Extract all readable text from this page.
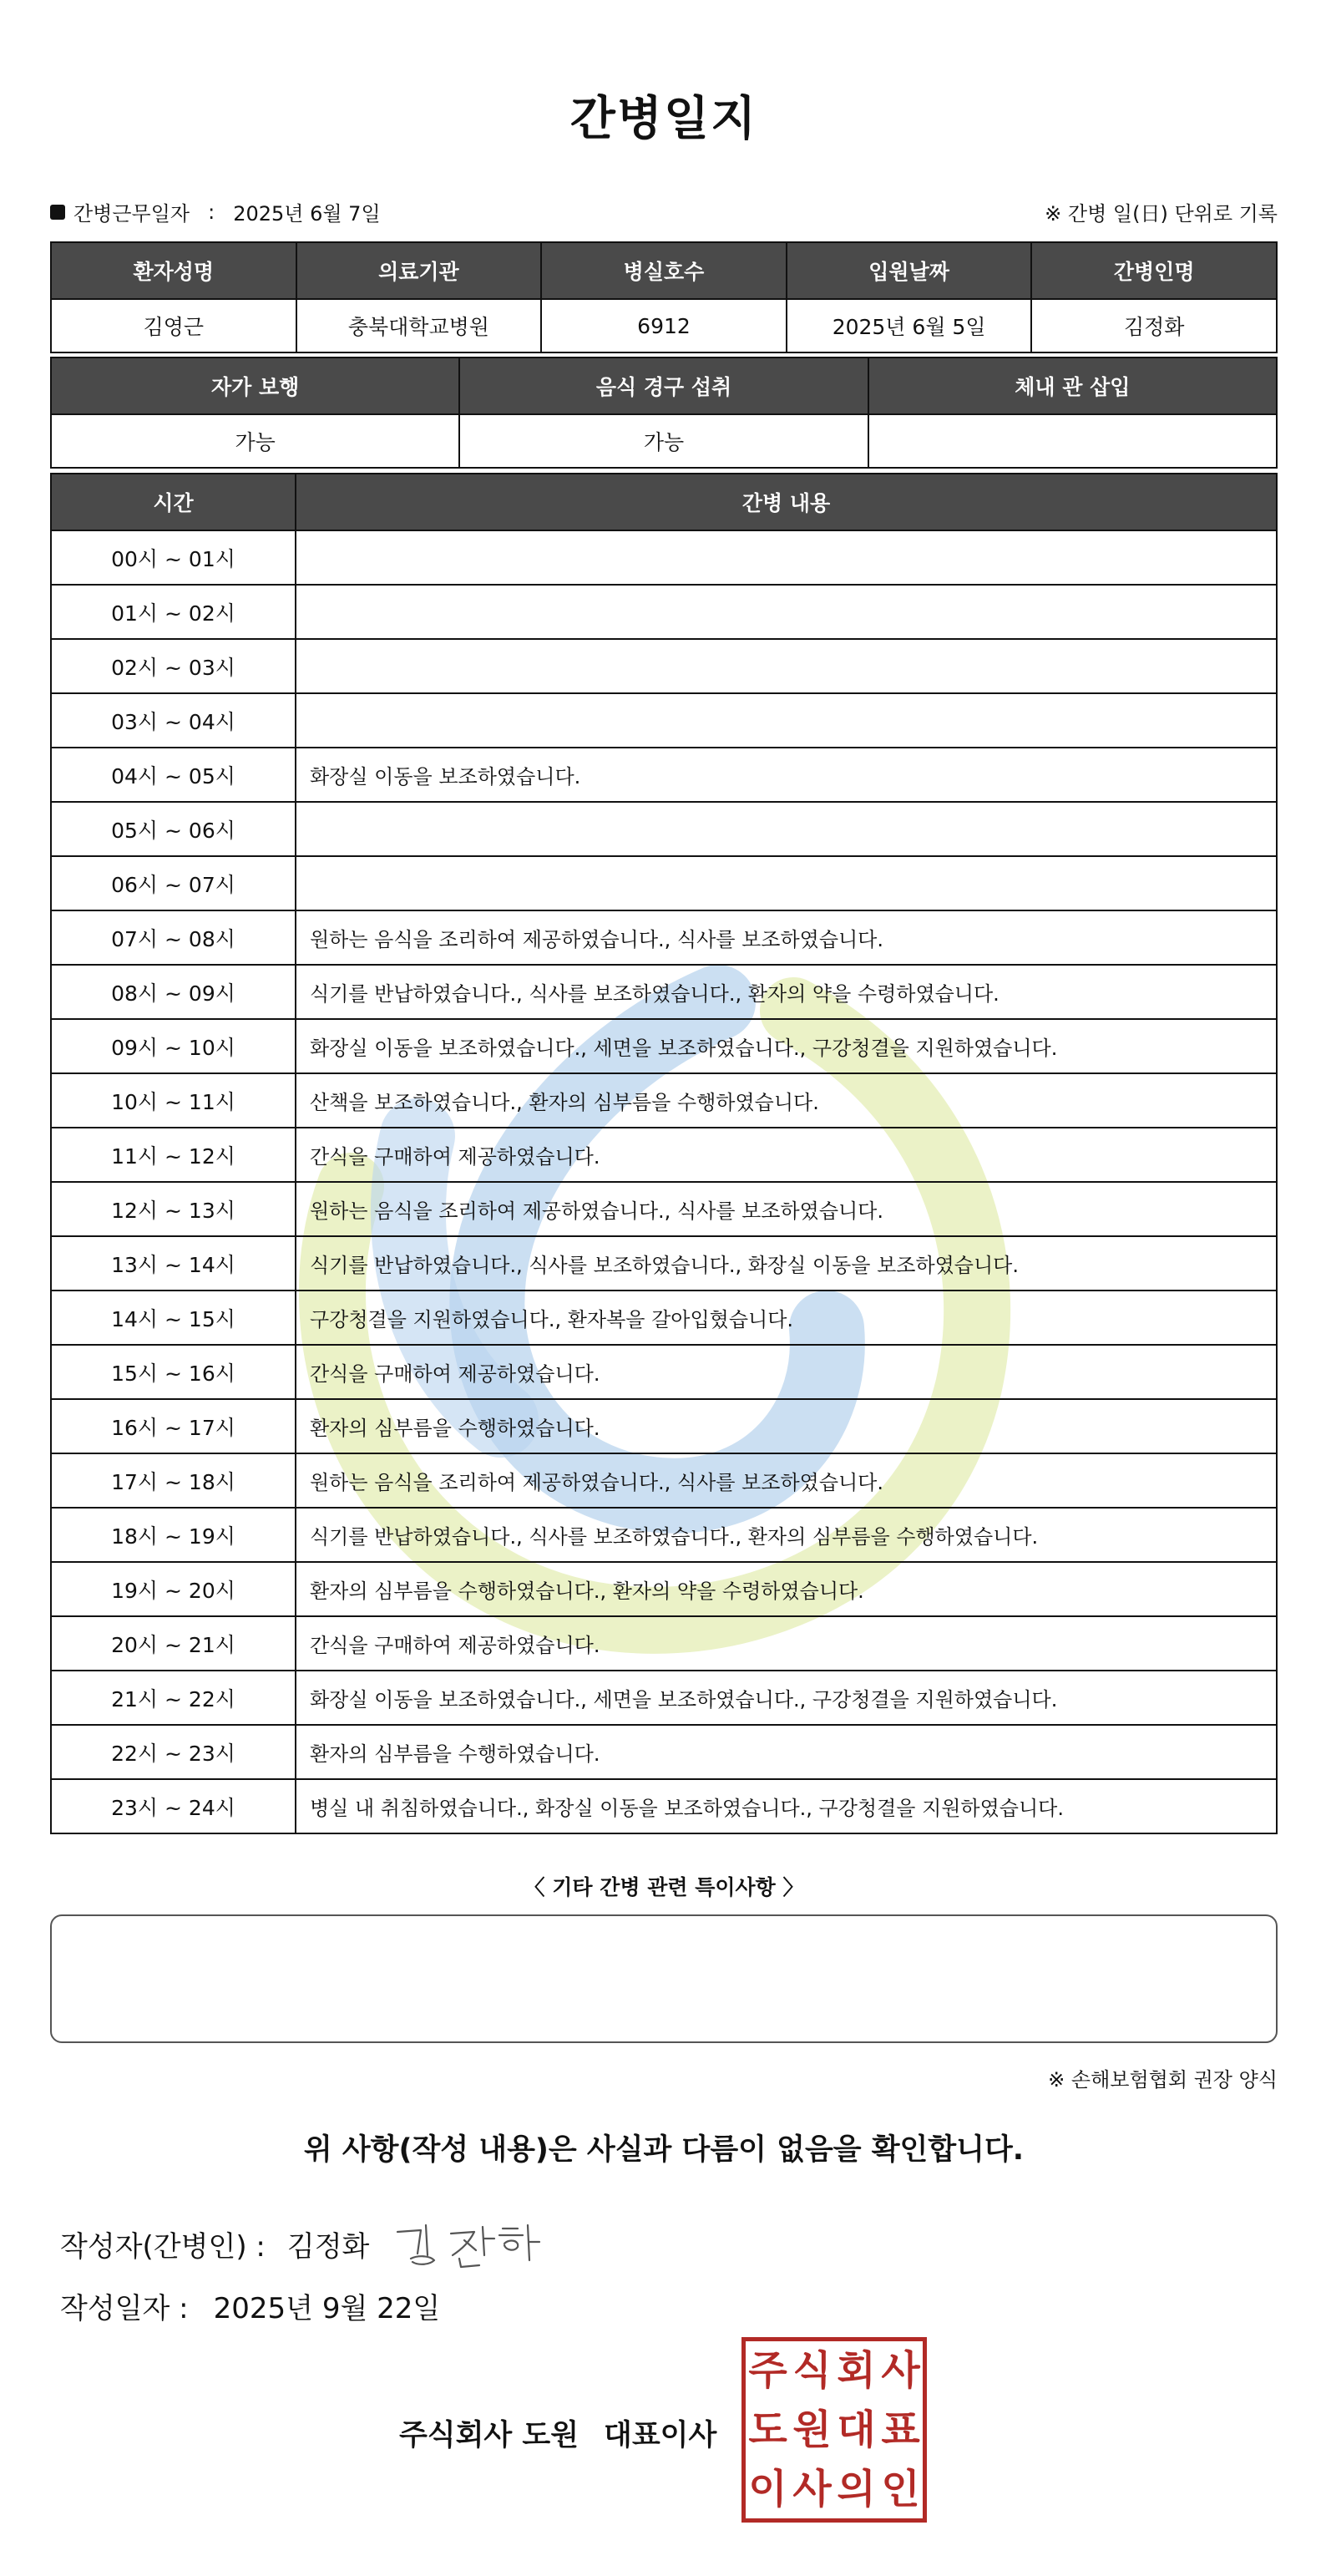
간병일지
간병근무일자 : 2025년 6월 7일	※ 간병 일(日) 단위로 기록
환자성명	의료기관	병실호수	입원날짜	간병인명
김영근	충북대학교병원	6912	2025년 6월 5일	김정화
자가 보행	음식 경구 섭취	체내 관 삽입
가능	가능	
시간	간병 내용
00시 ~ 01시	
01시 ~ 02시	
02시 ~ 03시	
03시 ~ 04시	
04시 ~ 05시	화장실 이동을 보조하였습니다.
05시 ~ 06시	
06시 ~ 07시	
07시 ~ 08시	원하는 음식을 조리하여 제공하였습니다., 식사를 보조하였습니다.
08시 ~ 09시	식기를 반납하였습니다., 식사를 보조하였습니다., 환자의 약을 수령하였습니다.
09시 ~ 10시	화장실 이동을 보조하였습니다., 세면을 보조하였습니다., 구강청결을 지원하였습니다.
10시 ~ 11시	산책을 보조하였습니다., 환자의 심부름을 수행하였습니다.
11시 ~ 12시	간식을 구매하여 제공하였습니다.
12시 ~ 13시	원하는 음식을 조리하여 제공하였습니다., 식사를 보조하였습니다.
13시 ~ 14시	식기를 반납하였습니다., 식사를 보조하였습니다., 화장실 이동을 보조하였습니다.
14시 ~ 15시	구강청결을 지원하였습니다., 환자복을 갈아입혔습니다.
15시 ~ 16시	간식을 구매하여 제공하였습니다.
16시 ~ 17시	환자의 심부름을 수행하였습니다.
17시 ~ 18시	원하는 음식을 조리하여 제공하였습니다., 식사를 보조하였습니다.
18시 ~ 19시	식기를 반납하였습니다., 식사를 보조하였습니다., 환자의 심부름을 수행하였습니다.
19시 ~ 20시	환자의 심부름을 수행하였습니다., 환자의 약을 수령하였습니다.
20시 ~ 21시	간식을 구매하여 제공하였습니다.
21시 ~ 22시	화장실 이동을 보조하였습니다., 세면을 보조하였습니다., 구강청결을 지원하였습니다.
22시 ~ 23시	환자의 심부름을 수행하였습니다.
23시 ~ 24시	병실 내 취침하였습니다., 화장실 이동을 보조하였습니다., 구강청결을 지원하였습니다.
〈 기타 간병 관련 특이사항 〉
※ 손해보험협회 권장 양식
위 사항(작성 내용)은 사실과 다름이 없음을 확인합니다.
작성자(간병인) : 김정화
작성일자 : 2025년 9월 22일
주식회사 도원 대표이사
주 식 회 사
도 원 대 표
이 사 의 인
